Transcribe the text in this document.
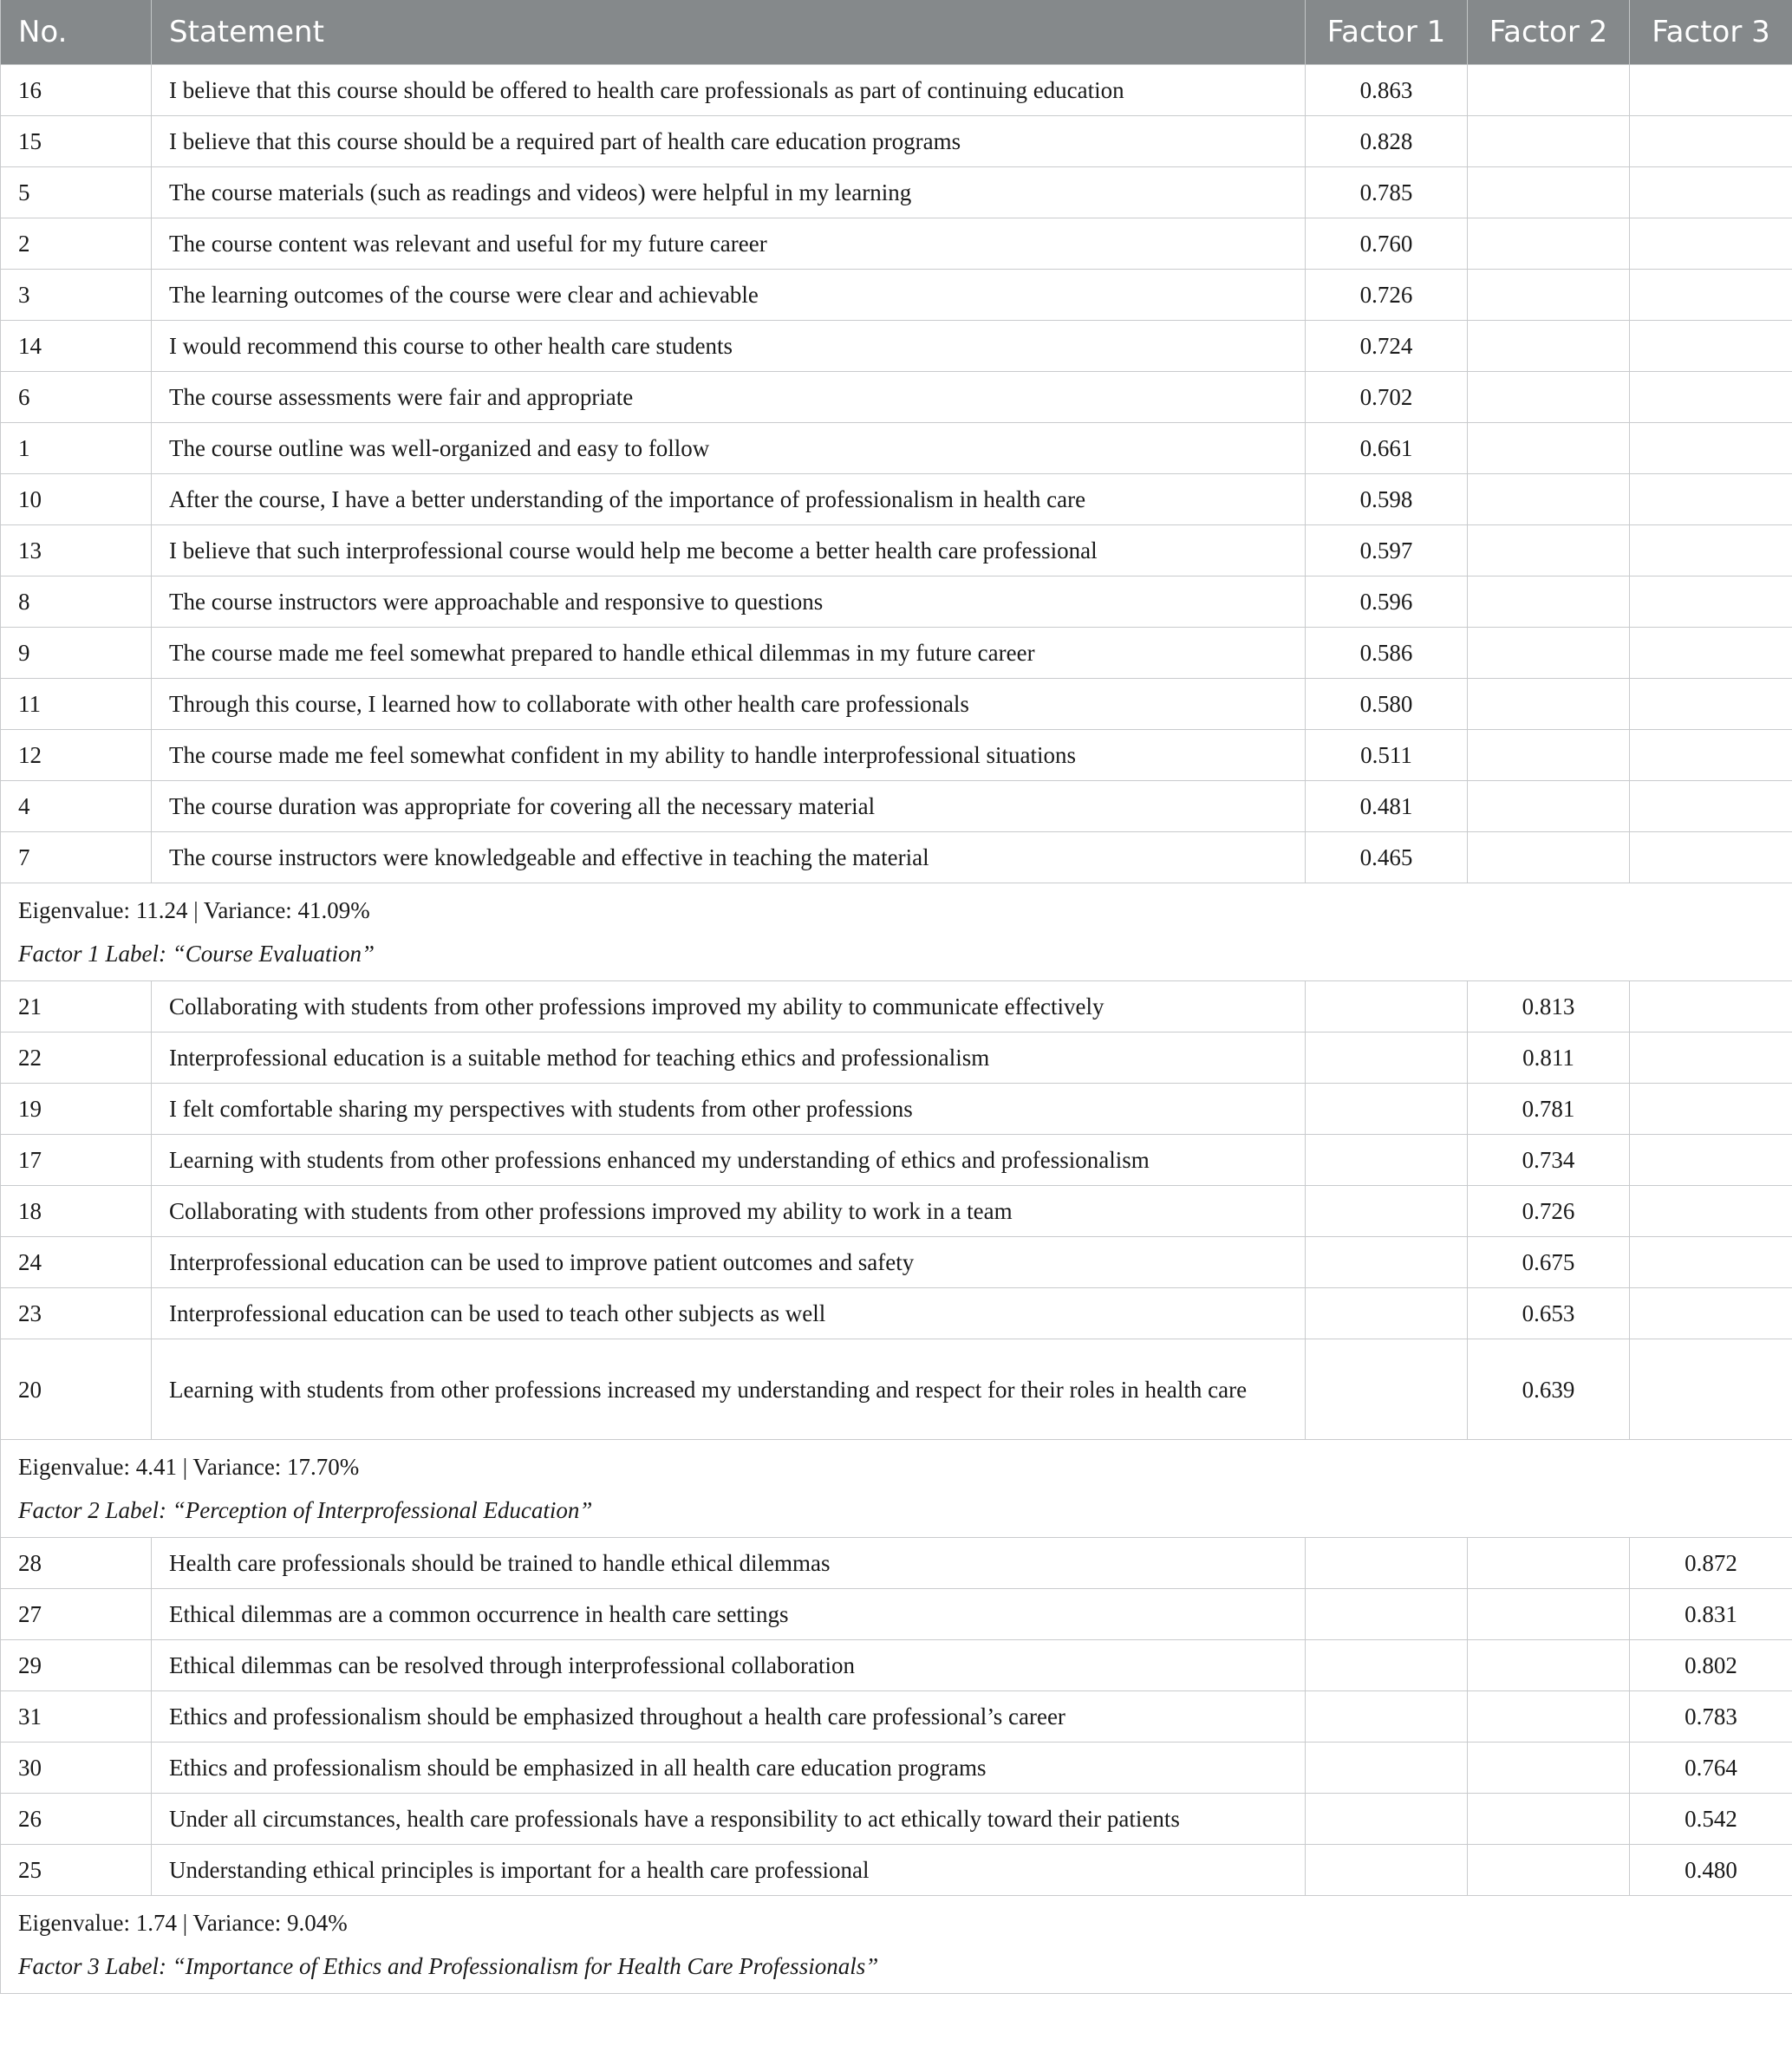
No.	Statement	Factor 1	Factor 2	Factor 3
16	I believe that this course should be offered to health care professionals as part of continuing education	0.863		
15	I believe that this course should be a required part of health care education programs	0.828		
5	The course materials (such as readings and videos) were helpful in my learning	0.785		
2	The course content was relevant and useful for my future career	0.760		
3	The learning outcomes of the course were clear and achievable	0.726		
14	I would recommend this course to other health care students	0.724		
6	The course assessments were fair and appropriate	0.702		
1	The course outline was well-organized and easy to follow	0.661		
10	After the course, I have a better understanding of the importance of professionalism in health care	0.598		
13	I believe that such interprofessional course would help me become a better health care professional	0.597		
8	The course instructors were approachable and responsive to questions	0.596		
9	The course made me feel somewhat prepared to handle ethical dilemmas in my future career	0.586		
11	Through this course, I learned how to collaborate with other health care professionals	0.580		
12	The course made me feel somewhat confident in my ability to handle interprofessional situations	0.511		
4	The course duration was appropriate for covering all the necessary material	0.481		
7	The course instructors were knowledgeable and effective in teaching the material	0.465		

Eigenvalue: 11.24 | Variance: 41.09%
Factor 1 Label: “Course Evaluation”				

21	Collaborating with students from other professions improved my ability to communicate effectively		0.813	
22	Interprofessional education is a suitable method for teaching ethics and professionalism		0.811	
19	I felt comfortable sharing my perspectives with students from other professions		0.781	
17	Learning with students from other professions enhanced my understanding of ethics and professionalism		0.734	
18	Collaborating with students from other professions improved my ability to work in a team		0.726	
24	Interprofessional education can be used to improve patient outcomes and safety		0.675	
23	Interprofessional education can be used to teach other subjects as well		0.653	
20	Learning with students from other professions increased my understanding and respect for their roles in health care		0.639	

Eigenvalue: 4.41 | Variance: 17.70%
Factor 2 Label: “Perception of Interprofessional Education”				

28	Health care professionals should be trained to handle ethical dilemmas			0.872
27	Ethical dilemmas are a common occurrence in health care settings			0.831
29	Ethical dilemmas can be resolved through interprofessional collaboration			0.802
31	Ethics and professionalism should be emphasized throughout a health care professional’s career			0.783
30	Ethics and professionalism should be emphasized in all health care education programs			0.764
26	Under all circumstances, health care professionals have a responsibility to act ethically toward their patients			0.542
25	Understanding ethical principles is important for a health care professional			0.480

Eigenvalue: 1.74 | Variance: 9.04%
Factor 3 Label: “Importance of Ethics and Professionalism for Health Care Professionals”				
